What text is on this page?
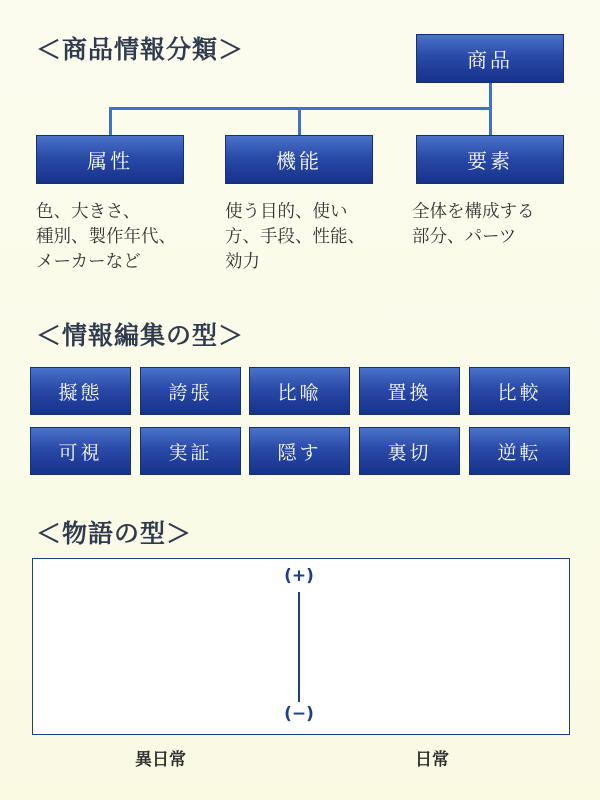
＜商品情報分類＞	商品
属性	機能	要素
色、大きさ、
種別、製作年代、
メーカーなど
使う目的、使い
方、手段、性能、
効力
全体を構成する
部分、パーツ
＜情報編集の型＞
擬態	誇張	比喩	置換	比較
可視	実証	隠す	裏切	逆転
＜物語の型＞
(+)
(−)
異日常	日常
